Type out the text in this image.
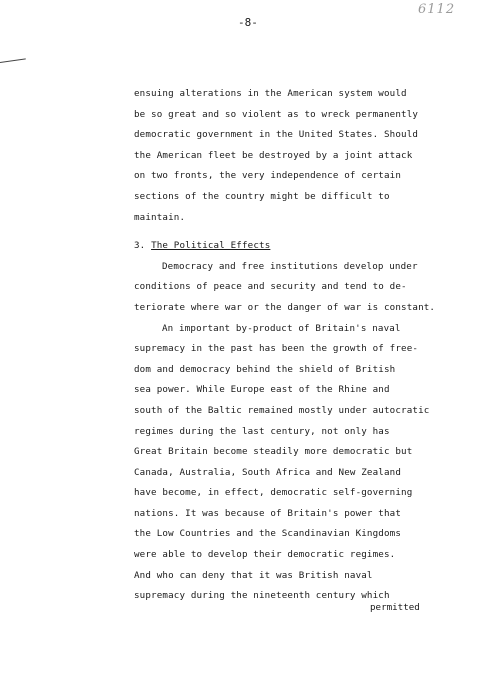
6112
-8-
ensuing alterations in the American system would
be so great and so violent as to wreck permanently
democratic government in the United States. Should
the American fleet be destroyed by a joint attack
on two fronts, the very independence of certain
sections of the country might be difficult to
maintain.
3. The Political Effects
Democracy and free institutions develop under
conditions of peace and security and tend to de-
teriorate where war or the danger of war is constant.
An important by-product of Britain's naval
supremacy in the past has been the growth of free-
dom and democracy behind the shield of British
sea power. While Europe east of the Rhine and
south of the Baltic remained mostly under autocratic
regimes during the last century, not only has
Great Britain become steadily more democratic but
Canada, Australia, South Africa and New Zealand
have become, in effect, democratic self-governing
nations. It was because of Britain's power that
the Low Countries and the Scandinavian Kingdoms
were able to develop their democratic regimes.
And who can deny that it was British naval
supremacy during the nineteenth century which
permitted
